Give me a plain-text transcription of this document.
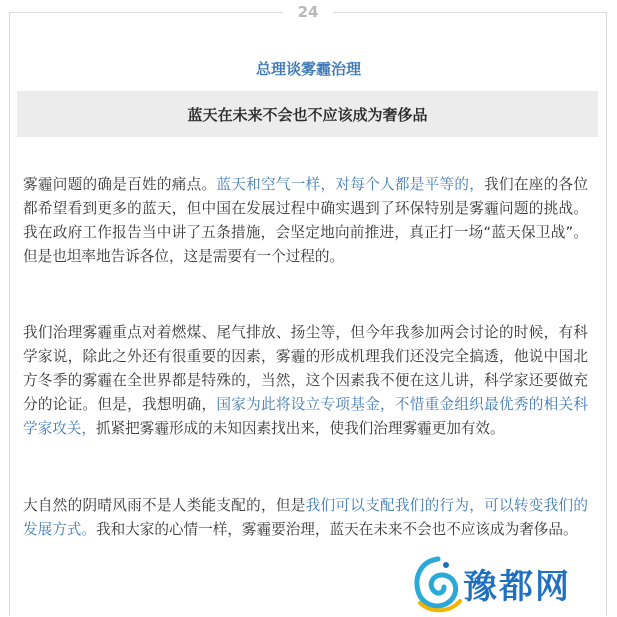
24
总理谈雾霾治理
蓝天在未来不会也不应该成为奢侈品

雾霾问题的确是百姓的痛点。蓝天和空气一样，对每个人都是平等的，我们在座的各位都希望看到更多的蓝天，但中国在发展过程中确实遇到了环保特别是雾霾问题的挑战。我在政府工作报告当中讲了五条措施，会坚定地向前推进，真正打一场“蓝天保卫战”。但是也坦率地告诉各位，这是需要有一个过程的。

我们治理雾霾重点对着燃煤、尾气排放、扬尘等，但今年我参加两会讨论的时候，有科学家说，除此之外还有很重要的因素，雾霾的形成机理我们还没完全搞透，他说中国北方冬季的雾霾在全世界都是特殊的，当然，这个因素我不便在这儿讲，科学家还要做充分的论证。但是，我想明确，国家为此将设立专项基金，不惜重金组织最优秀的相关科学家攻关，抓紧把雾霾形成的未知因素找出来，使我们治理雾霾更加有效。

大自然的阴晴风雨不是人类能支配的，但是我们可以支配我们的行为，可以转变我们的发展方式。我和大家的心情一样，雾霾要治理，蓝天在未来不会也不应该成为奢侈品。

豫都网
